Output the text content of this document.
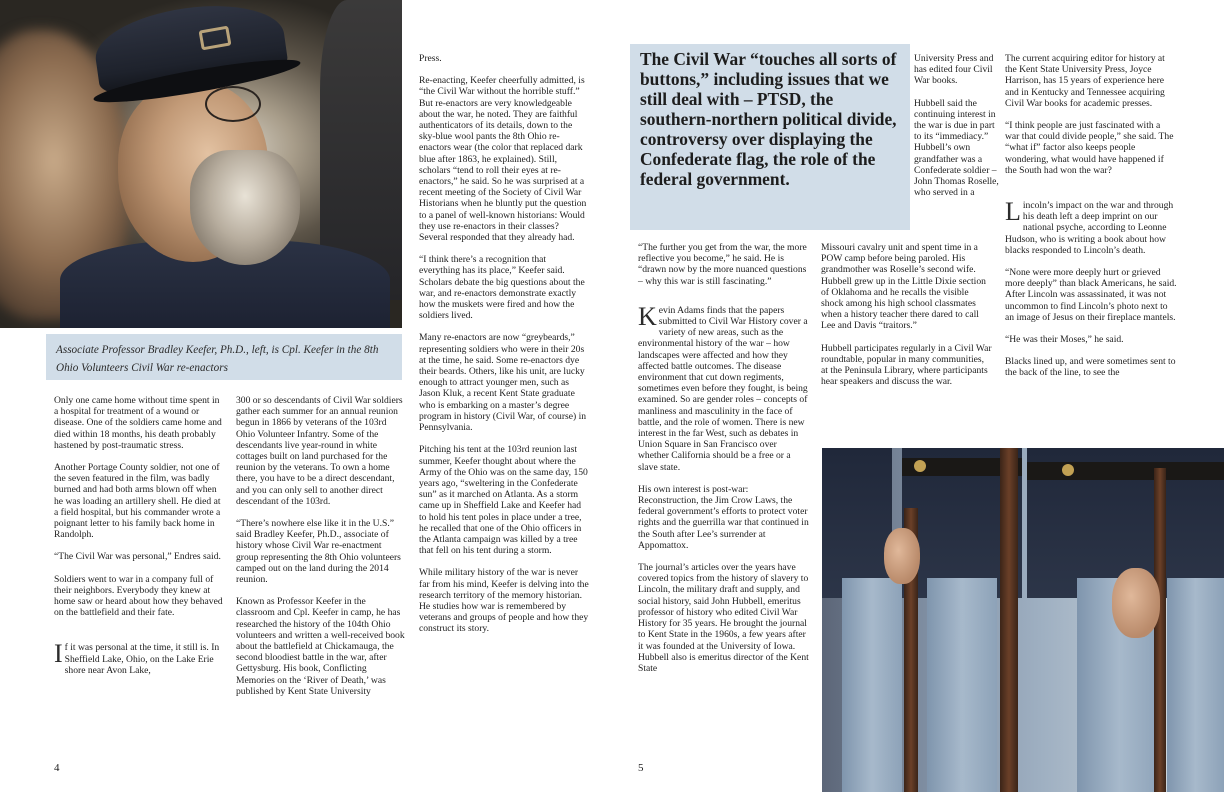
Associate Professor Bradley Keefer, Ph.D., left, is Cpl. Keefer in the 8th Ohio Volunteers Civil War re-enactors

Only one came home without time spent in a hospital for treatment of a wound or disease. One of the soldiers came home and died within 18 months, his death probably hastened by post-traumatic stress.

Another Portage County soldier, not one of the seven featured in the film, was badly burned and had both arms blown off when he was loading an artillery shell. He died at a field hospital, but his commander wrote a poignant letter to his family back home in Randolph.

“The Civil War was personal,” Endres said.

Soldiers went to war in a company full of their neighbors. Everybody they knew at home saw or heard about how they behaved on the battlefield and their fate.

If it was personal at the time, it still is. In Sheffield Lake, Ohio, on the Lake Erie shore near Avon Lake,

300 or so descendants of Civil War soldiers gather each summer for an annual reunion begun in 1866 by veterans of the 103rd Ohio Volunteer Infantry. Some of the descendants live year-round in white cottages built on land purchased for the reunion by the veterans. To own a home there, you have to be a direct descendant, and you can only sell to another direct descendant of the 103rd.

“There’s nowhere else like it in the U.S.” said Bradley Keefer, Ph.D., associate of history whose Civil War re-enactment group representing the 8th Ohio volunteers camped out on the land during the 2014 reunion.

Known as Professor Keefer in the classroom and Cpl. Keefer in camp, he has researched the history of the 104th Ohio volunteers and written a well-received book about the battlefield at Chickamauga, the second bloodiest battle in the war, after Gettysburg. His book, Conflicting Memories on the ‘River of Death,’ was published by Kent State University

Press.

Re-enacting, Keefer cheerfully admitted, is “the Civil War without the horrible stuff.” But re-enactors are very knowledgeable about the war, he noted. They are faithful authenticators of its details, down to the sky-blue wool pants the 8th Ohio re-enactors wear (the color that replaced dark blue after 1863, he explained). Still, scholars “tend to roll their eyes at re-enactors,” he said. So he was surprised at a recent meeting of the Society of Civil War Historians when he bluntly put the question to a panel of well-known historians: Would they use re-enactors in their classes? Several responded that they already had.

“I think there’s a recognition that everything has its place,” Keefer said. Scholars debate the big questions about the war, and re-enactors demonstrate exactly how the muskets were fired and how the soldiers lived.

Many re-enactors are now “greybeards,” representing soldiers who were in their 20s at the time, he said. Some re-enactors dye their beards. Others, like his unit, are lucky enough to attract younger men, such as Jason Kluk, a recent Kent State graduate who is embarking on a master’s degree program in history (Civil War, of course) in Pennsylvania.

Pitching his tent at the 103rd reunion last summer, Keefer thought about where the Army of the Ohio was on the same day, 150 years ago, “sweltering in the Confederate sun” as it marched on Atlanta. As a storm came up in Sheffield Lake and Keefer had to hold his tent poles in place under a tree, he recalled that one of the Ohio officers in the Atlanta campaign was killed by a tree that fell on his tent during a storm.

While military history of the war is never far from his mind, Keefer is delving into the research territory of the memory historian. He studies how war is remembered by veterans and groups of people and how they construct its story.

4
The Civil War “touches all sorts of buttons,” including issues that we still deal with – PTSD, the southern-northern political divide, controversy over displaying the Confederate flag, the role of the federal government.

“The further you get from the war, the more reflective you become,” he said. He is “drawn now by the more nuanced questions – why this war is still fascinating.”

Kevin Adams finds that the papers submitted to Civil War History cover a variety of new areas, such as the environmental history of the war – how landscapes were affected and how they affected battle outcomes. The disease environment that cut down regiments, sometimes even before they fought, is being examined. So are gender roles – concepts of manliness and masculinity in the face of battle, and the role of women. There is new interest in the far West, such as debates in Union Square in San Francisco over whether California should be a free or a slave state.

His own interest is post-war: Reconstruction, the Jim Crow Laws, the federal government’s efforts to protect voter rights and the guerrilla war that continued in the South after Lee’s surrender at Appomattox.

The journal’s articles over the years have covered topics from the history of slavery to Lincoln, the military draft and supply, and social history, said John Hubbell, emeritus professor of history who edited Civil War History for 35 years. He brought the journal to Kent State in the 1960s, a few years after it was founded at the University of Iowa. Hubbell also is emeritus director of the Kent State

University Press and has edited four Civil War books.

Hubbell said the continuing interest in the war is due in part to its “immediacy.” Hubbell’s own grandfather was a Confederate soldier – John Thomas Roselle, who served in a

Missouri cavalry unit and spent time in a POW camp before being paroled. His grandmother was Roselle’s second wife. Hubbell grew up in the Little Dixie section of Oklahoma and he recalls the visible shock among his high school classmates when a history teacher there dared to call Lee and Davis “traitors.”

Hubbell participates regularly in a Civil War roundtable, popular in many communities, at the Peninsula Library, where participants hear speakers and discuss the war.

The current acquiring editor for history at the Kent State University Press, Joyce Harrison, has 15 years of experience here and in Kentucky and Tennessee acquiring Civil War books for academic presses.

“I think people are just fascinated with a war that could divide people,” she said. The “what if” factor also keeps people wondering, what would have happened if the South had won the war?

Lincoln’s impact on the war and through his death left a deep imprint on our national psyche, according to Leonne Hudson, who is writing a book about how blacks responded to Lincoln’s death.

“None were more deeply hurt or grieved more deeply” than black Americans, he said. After Lincoln was assassinated, it was not uncommon to find Lincoln’s photo next to an image of Jesus on their fireplace mantels.

“He was their Moses,” he said.

Blacks lined up, and were sometimes sent to the back of the line, to see the

5
